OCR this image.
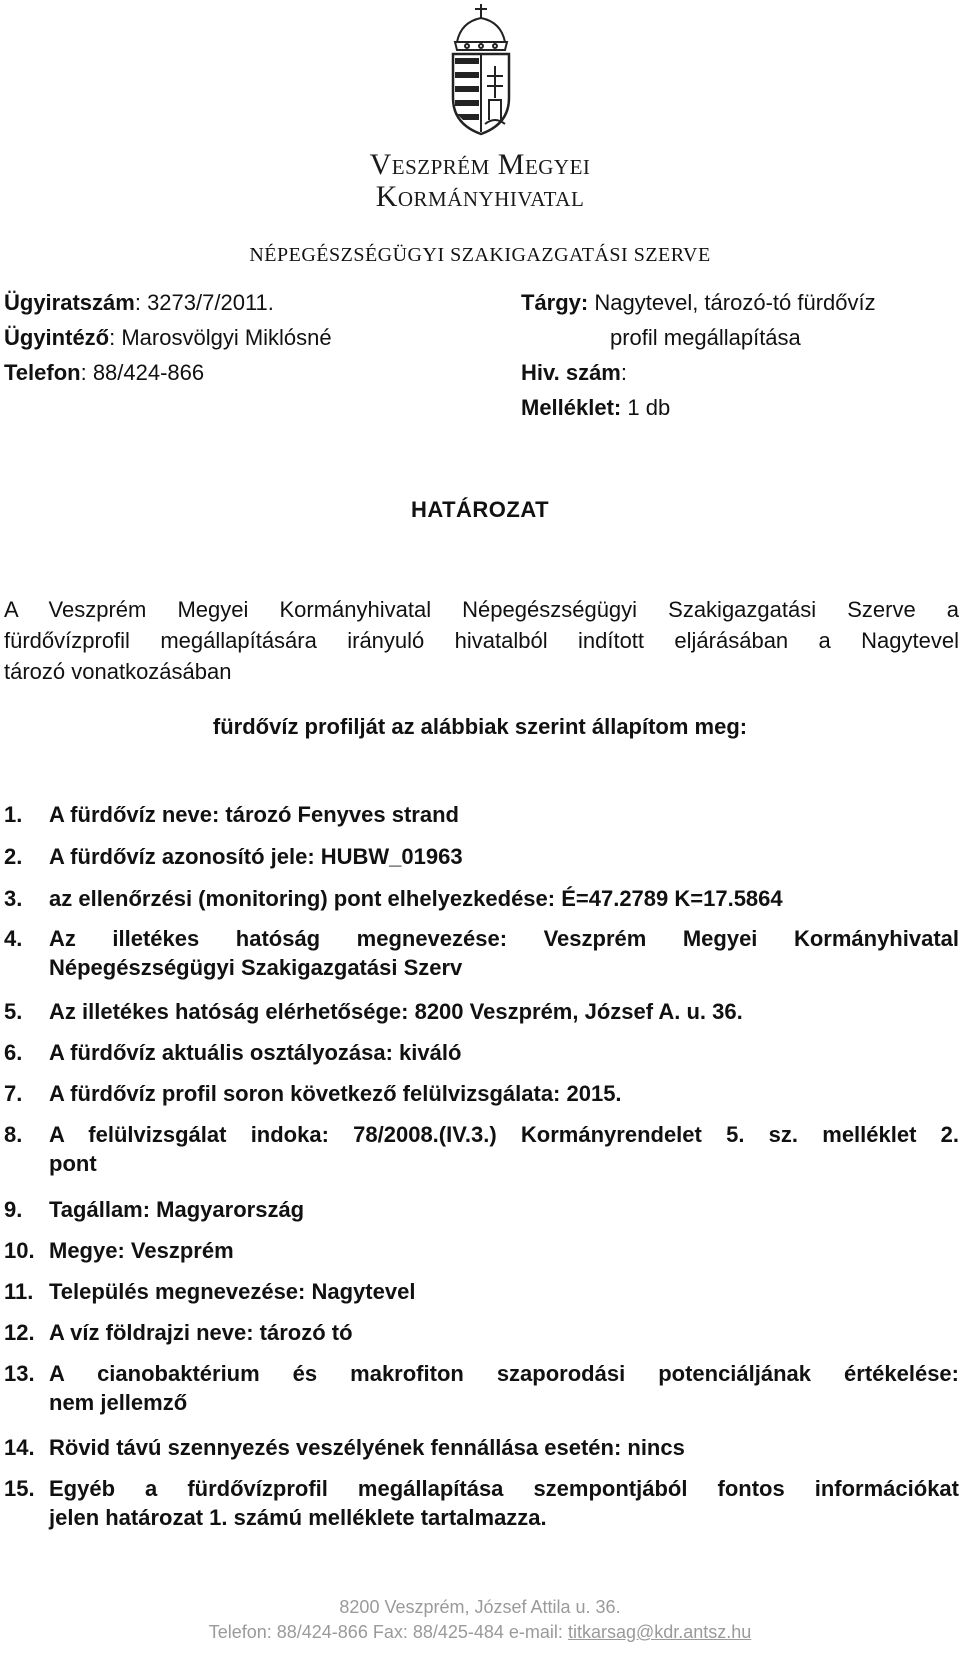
Veszprém Megyei
Kormányhivatal
NÉPEGÉSZSÉGÜGYI SZAKIGAZGATÁSI SZERVE
Ügyiratszám: 3273/7/2011.
Ügyintéző: Marosvölgyi Miklósné
Telefon: 88/424-866
Tárgy: Nagytevel, tározó-tó fürdővíz
profil megállapítása
Hiv. szám:
Melléklet: 1 db
HATÁROZAT
A Veszprém Megyei Kormányhivatal Népegészségügyi Szakigazgatási Szerve a
fürdővízprofil megállapítására irányuló hivatalból indított eljárásában a Nagytevel
tározó vonatkozásában
fürdővíz profilját az alábbiak szerint állapítom meg:
1. A fürdővíz neve: tározó Fenyves strand
2. A fürdővíz azonosító jele: HUBW_01963
3. az ellenőrzési (monitoring) pont elhelyezkedése: É=47.2789 K=17.5864
4. Az illetékes hatóság megnevezése: Veszprém Megyei Kormányhivatal
Népegészségügyi Szakigazgatási Szerv
5. Az illetékes hatóság elérhetősége: 8200 Veszprém, József A. u. 36.
6. A fürdővíz aktuális osztályozása: kiváló
7. A fürdővíz profil soron következő felülvizsgálata: 2015.
8. A felülvizsgálat indoka: 78/2008.(IV.3.) Kormányrendelet 5. sz. melléklet 2.
pont
9. Tagállam: Magyarország
10. Megye: Veszprém
11. Település megnevezése: Nagytevel
12. A víz földrajzi neve: tározó tó
13. A cianobaktérium és makrofiton szaporodási potenciáljának értékelése:
nem jellemző
14. Rövid távú szennyezés veszélyének fennállása esetén: nincs
15. Egyéb a fürdővízprofil megállapítása szempontjából fontos információkat
jelen határozat 1. számú melléklete tartalmazza.
8200 Veszprém, József Attila u. 36.
Telefon: 88/424-866 Fax: 88/425-484 e-mail: titkarsag@kdr.antsz.hu
